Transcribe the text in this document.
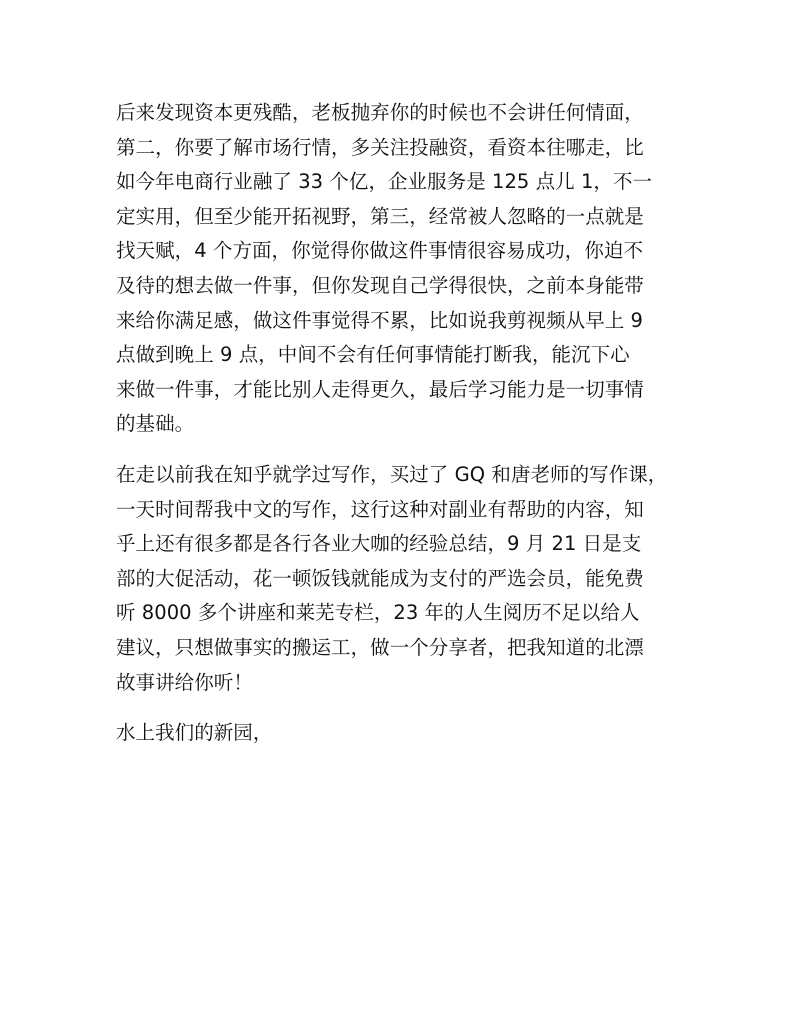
后来发现资本更残酷，老板抛弃你的时候也不会讲任何情面，
第二，你要了解市场行情，多关注投融资，看资本往哪走，比
如今年电商行业融了 33 个亿，企业服务是 125 点儿 1，不一
定实用，但至少能开拓视野，第三，经常被人忽略的一点就是
找天赋，4 个方面，你觉得你做这件事情很容易成功，你迫不
及待的想去做一件事，但你发现自己学得很快，之前本身能带
来给你满足感，做这件事觉得不累，比如说我剪视频从早上 9
点做到晚上 9 点，中间不会有任何事情能打断我，能沉下心
来做一件事，才能比别人走得更久，最后学习能力是一切事情
的基础。

在走以前我在知乎就学过写作，买过了 GQ 和唐老师的写作课，
一天时间帮我中文的写作，这行这种对副业有帮助的内容，知
乎上还有很多都是各行各业大咖的经验总结，9 月 21 日是支
部的大促活动，花一顿饭钱就能成为支付的严选会员，能免费
听 8000 多个讲座和莱芜专栏，23 年的人生阅历不足以给人
建议，只想做事实的搬运工，做一个分享者，把我知道的北漂
故事讲给你听！

水上我们的新园，
